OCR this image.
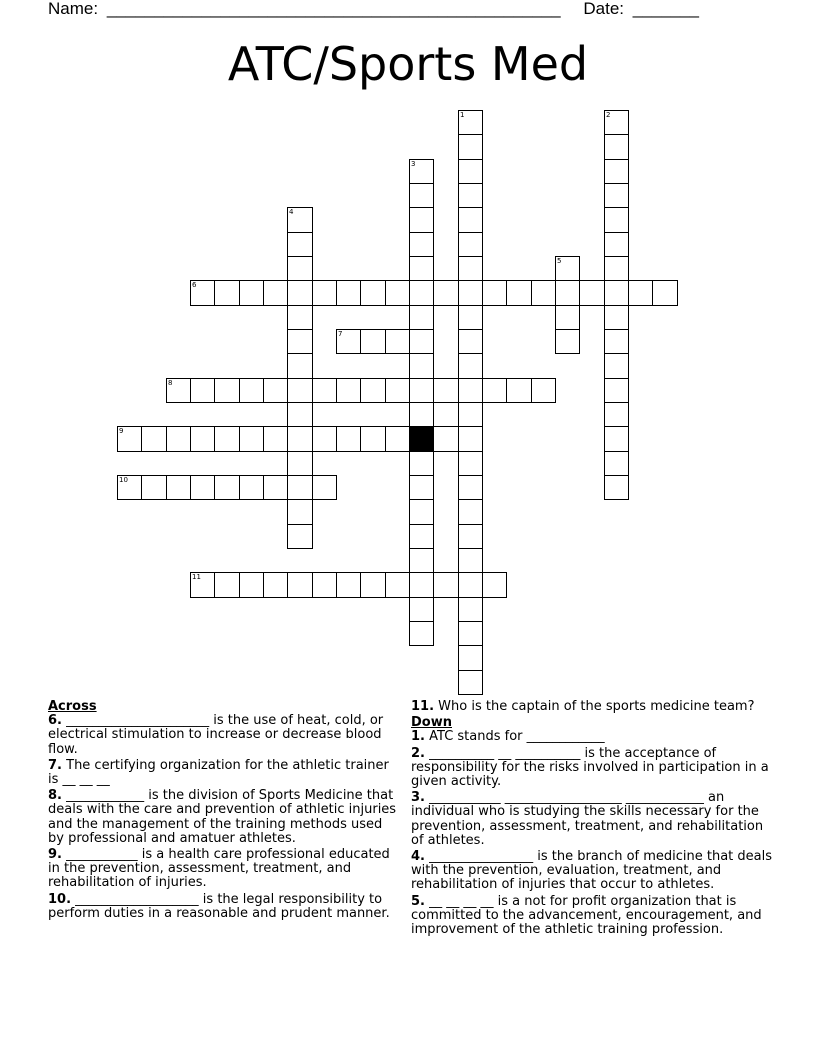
Name: ________________________________________________ Date: _______
ATC/Sports Med
1	2
3
4
5
6
7
8
9
10
11
Across
6. ______________________ is the use of heat, cold, or electrical stimulation to increase or decrease blood flow.
7. The certifying organization for the athletic trainer is __ __ __
8. ____________ is the division of Sports Medicine that deals with the care and prevention of athletic injuries and the management of the training methods used by professional and amatuer athletes.
9. ___________ is a health care professional educated in the prevention, assessment, treatment, and rehabilitation of injuries.
10. ___________________ is the legal responsibility to perform duties in a reasonable and prudent manner.
11. Who is the captain of the sports medicine team?
Down
1. ATC stands for ____________
2. __________ __ __________ is the acceptance of responsibility for the risks involved in participation in a given activity.
3. ___________ __________________ ____________ an individual who is studying the skills necessary for the prevention, assessment, treatment, and rehabilitation of athletes.
4. ________________ is the branch of medicine that deals with the prevention, evaluation, treatment, and rehabilitation of injuries that occur to athletes.
5. __ __ __ __ is a not for profit organization that is committed to the advancement, encouragement, and improvement of the athletic training profession.
